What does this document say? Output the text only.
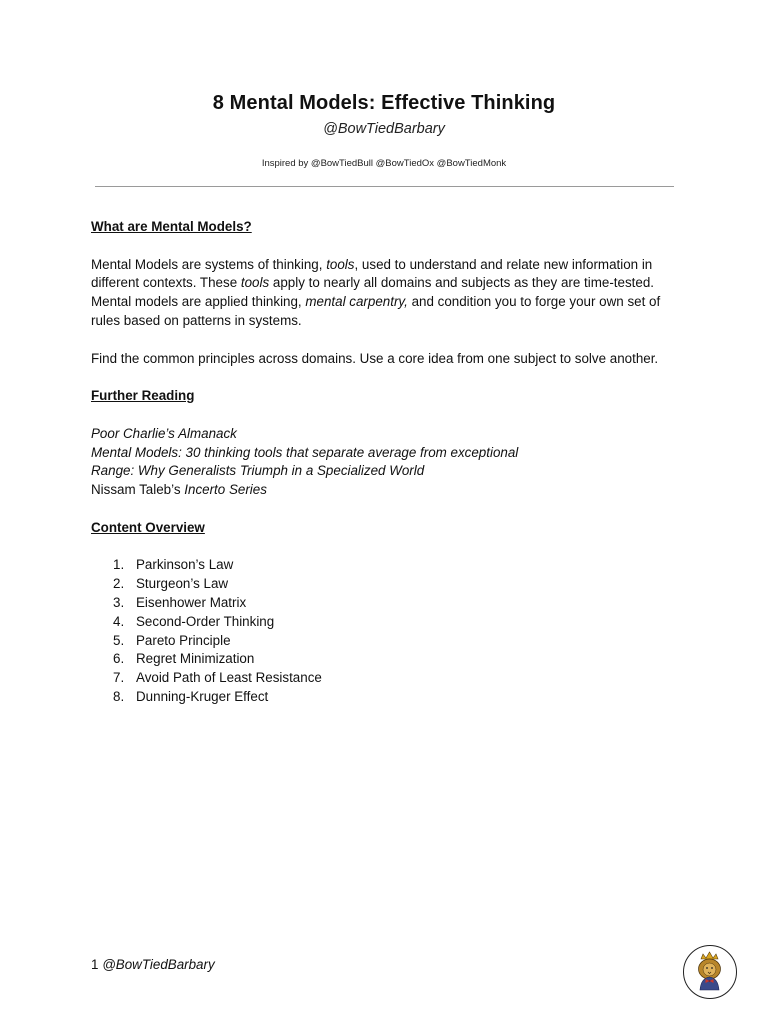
8 Mental Models: Effective Thinking
@BowTiedBarbary
Inspired by @BowTiedBull @BowTiedOx @BowTiedMonk

What are Mental Models?

Mental Models are systems of thinking, tools, used to understand and relate new information in different contexts. These tools apply to nearly all domains and subjects as they are time-tested. Mental models are applied thinking, mental carpentry, and condition you to forge your own set of rules based on patterns in systems.

Find the common principles across domains. Use a core idea from one subject to solve another.

Further Reading

Poor Charlie’s Almanack

Mental Models: 30 thinking tools that separate average from exceptional

Range: Why Generalists Triumph in a Specialized World

Nissam Taleb’s Incerto Series

Content Overview

1. Parkinson’s Law
2. Sturgeon’s Law
3. Eisenhower Matrix
4. Second-Order Thinking
5. Pareto Principle
6. Regret Minimization
7. Avoid Path of Least Resistance
8. Dunning-Kruger Effect
1 @BowTiedBarbary
